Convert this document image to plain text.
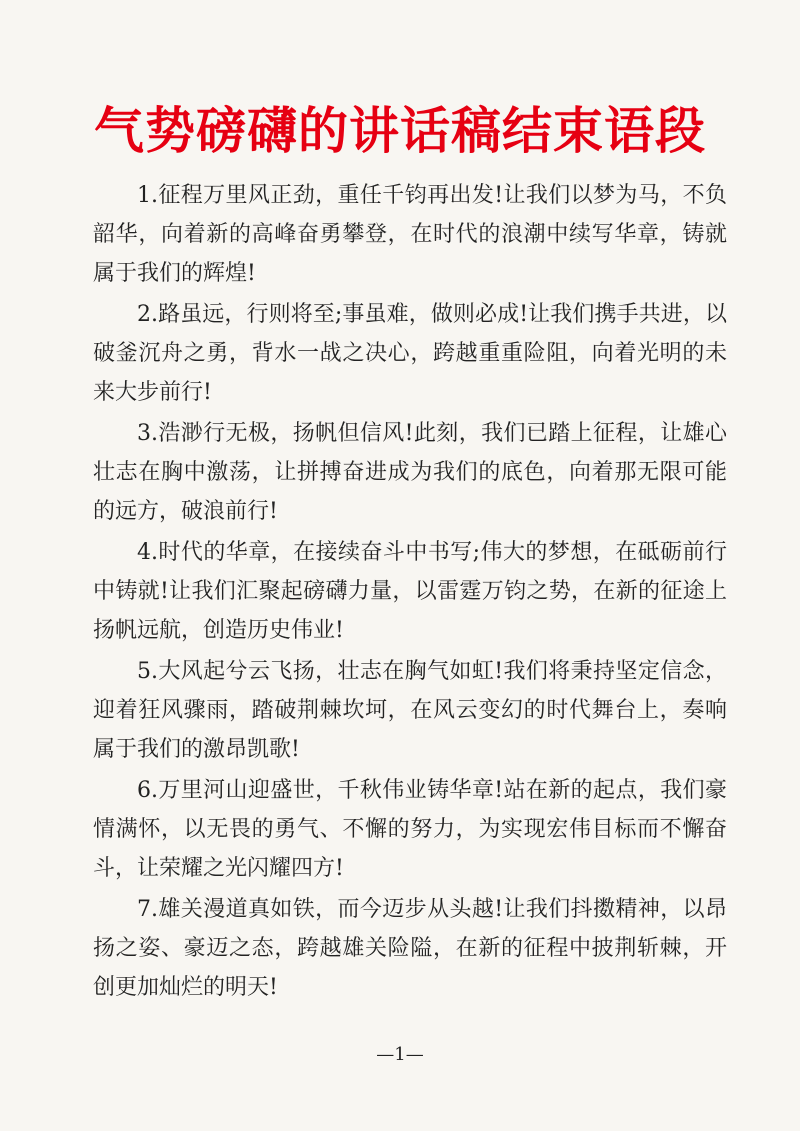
气势磅礴的讲话稿结束语段

1.征程万里风正劲，重任千钧再出发!让我们以梦为马，不负韶华，向着新的高峰奋勇攀登，在时代的浪潮中续写华章，铸就属于我们的辉煌!

2.路虽远，行则将至;事虽难，做则必成!让我们携手共进，以破釜沉舟之勇，背水一战之决心，跨越重重险阻，向着光明的未来大步前行!

3.浩渺行无极，扬帆但信风!此刻，我们已踏上征程，让雄心壮志在胸中激荡，让拼搏奋进成为我们的底色，向着那无限可能的远方，破浪前行!

4.时代的华章，在接续奋斗中书写;伟大的梦想，在砥砺前行中铸就!让我们汇聚起磅礴力量，以雷霆万钧之势，在新的征途上扬帆远航，创造历史伟业!

5.大风起兮云飞扬，壮志在胸气如虹!我们将秉持坚定信念，迎着狂风骤雨，踏破荆棘坎坷，在风云变幻的时代舞台上，奏响属于我们的激昂凯歌!

6.万里河山迎盛世，千秋伟业铸华章!站在新的起点，我们豪情满怀，以无畏的勇气、不懈的努力，为实现宏伟目标而不懈奋斗，让荣耀之光闪耀四方!

7.雄关漫道真如铁，而今迈步从头越!让我们抖擞精神，以昂扬之姿、豪迈之态，跨越雄关险隘，在新的征程中披荆斩棘，开创更加灿烂的明天!

—1—
